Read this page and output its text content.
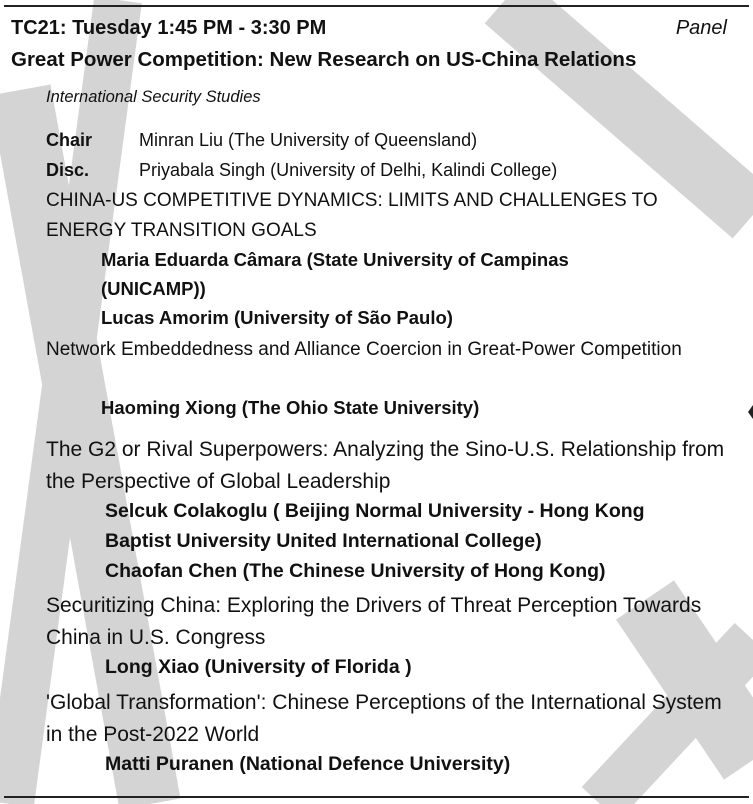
TC21: Tuesday 1:45 PM - 3:30 PM	Panel
Great Power Competition: New Research on US-China Relations
International Security Studies
Chair	Minran Liu (The University of Queensland)
Disc.	Priyabala Singh (University of Delhi, Kalindi College)
CHINA-US COMPETITIVE DYNAMICS: LIMITS AND CHALLENGES TO ENERGY TRANSITION GOALS
Maria Eduarda Câmara (State University of Campinas (UNICAMP))
Lucas Amorim (University of São Paulo)
Network Embeddedness and Alliance Coercion in Great-Power Competition
Haoming Xiong (The Ohio State University)
The G2 or Rival Superpowers: Analyzing the Sino-U.S. Relationship from the Perspective of Global Leadership
Selcuk Colakoglu ( Beijing Normal University - Hong Kong Baptist University United International College)
Chaofan Chen (The Chinese University of Hong Kong)
Securitizing China: Exploring the Drivers of Threat Perception Towards China in U.S. Congress
Long Xiao (University of Florida )
'Global Transformation': Chinese Perceptions of the International System in the Post-2022 World
Matti Puranen (National Defence University)
